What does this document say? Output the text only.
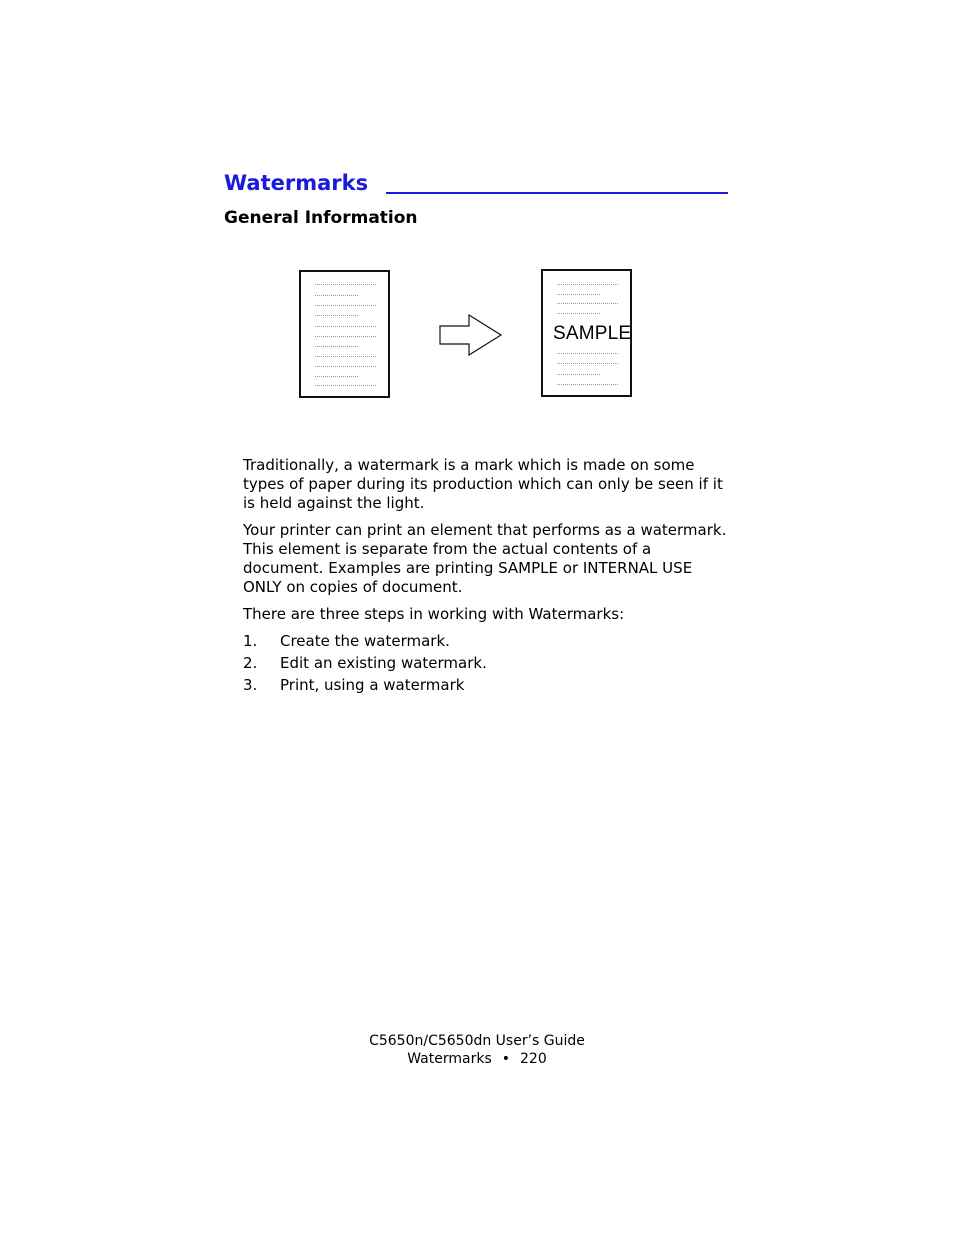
Watermarks
General Information
SAMPLE

Traditionally, a watermark is a mark which is made on some types of paper during its production which can only be seen if it is held against the light.

Your printer can print an element that performs as a watermark. This element is separate from the actual contents of a document. Examples are printing SAMPLE or INTERNAL USE ONLY on copies of document.

There are three steps in working with Watermarks:

1. Create the watermark.
2. Edit an existing watermark.
3. Print, using a watermark
C5650n/C5650dn User’s Guide
Watermarks • 220
